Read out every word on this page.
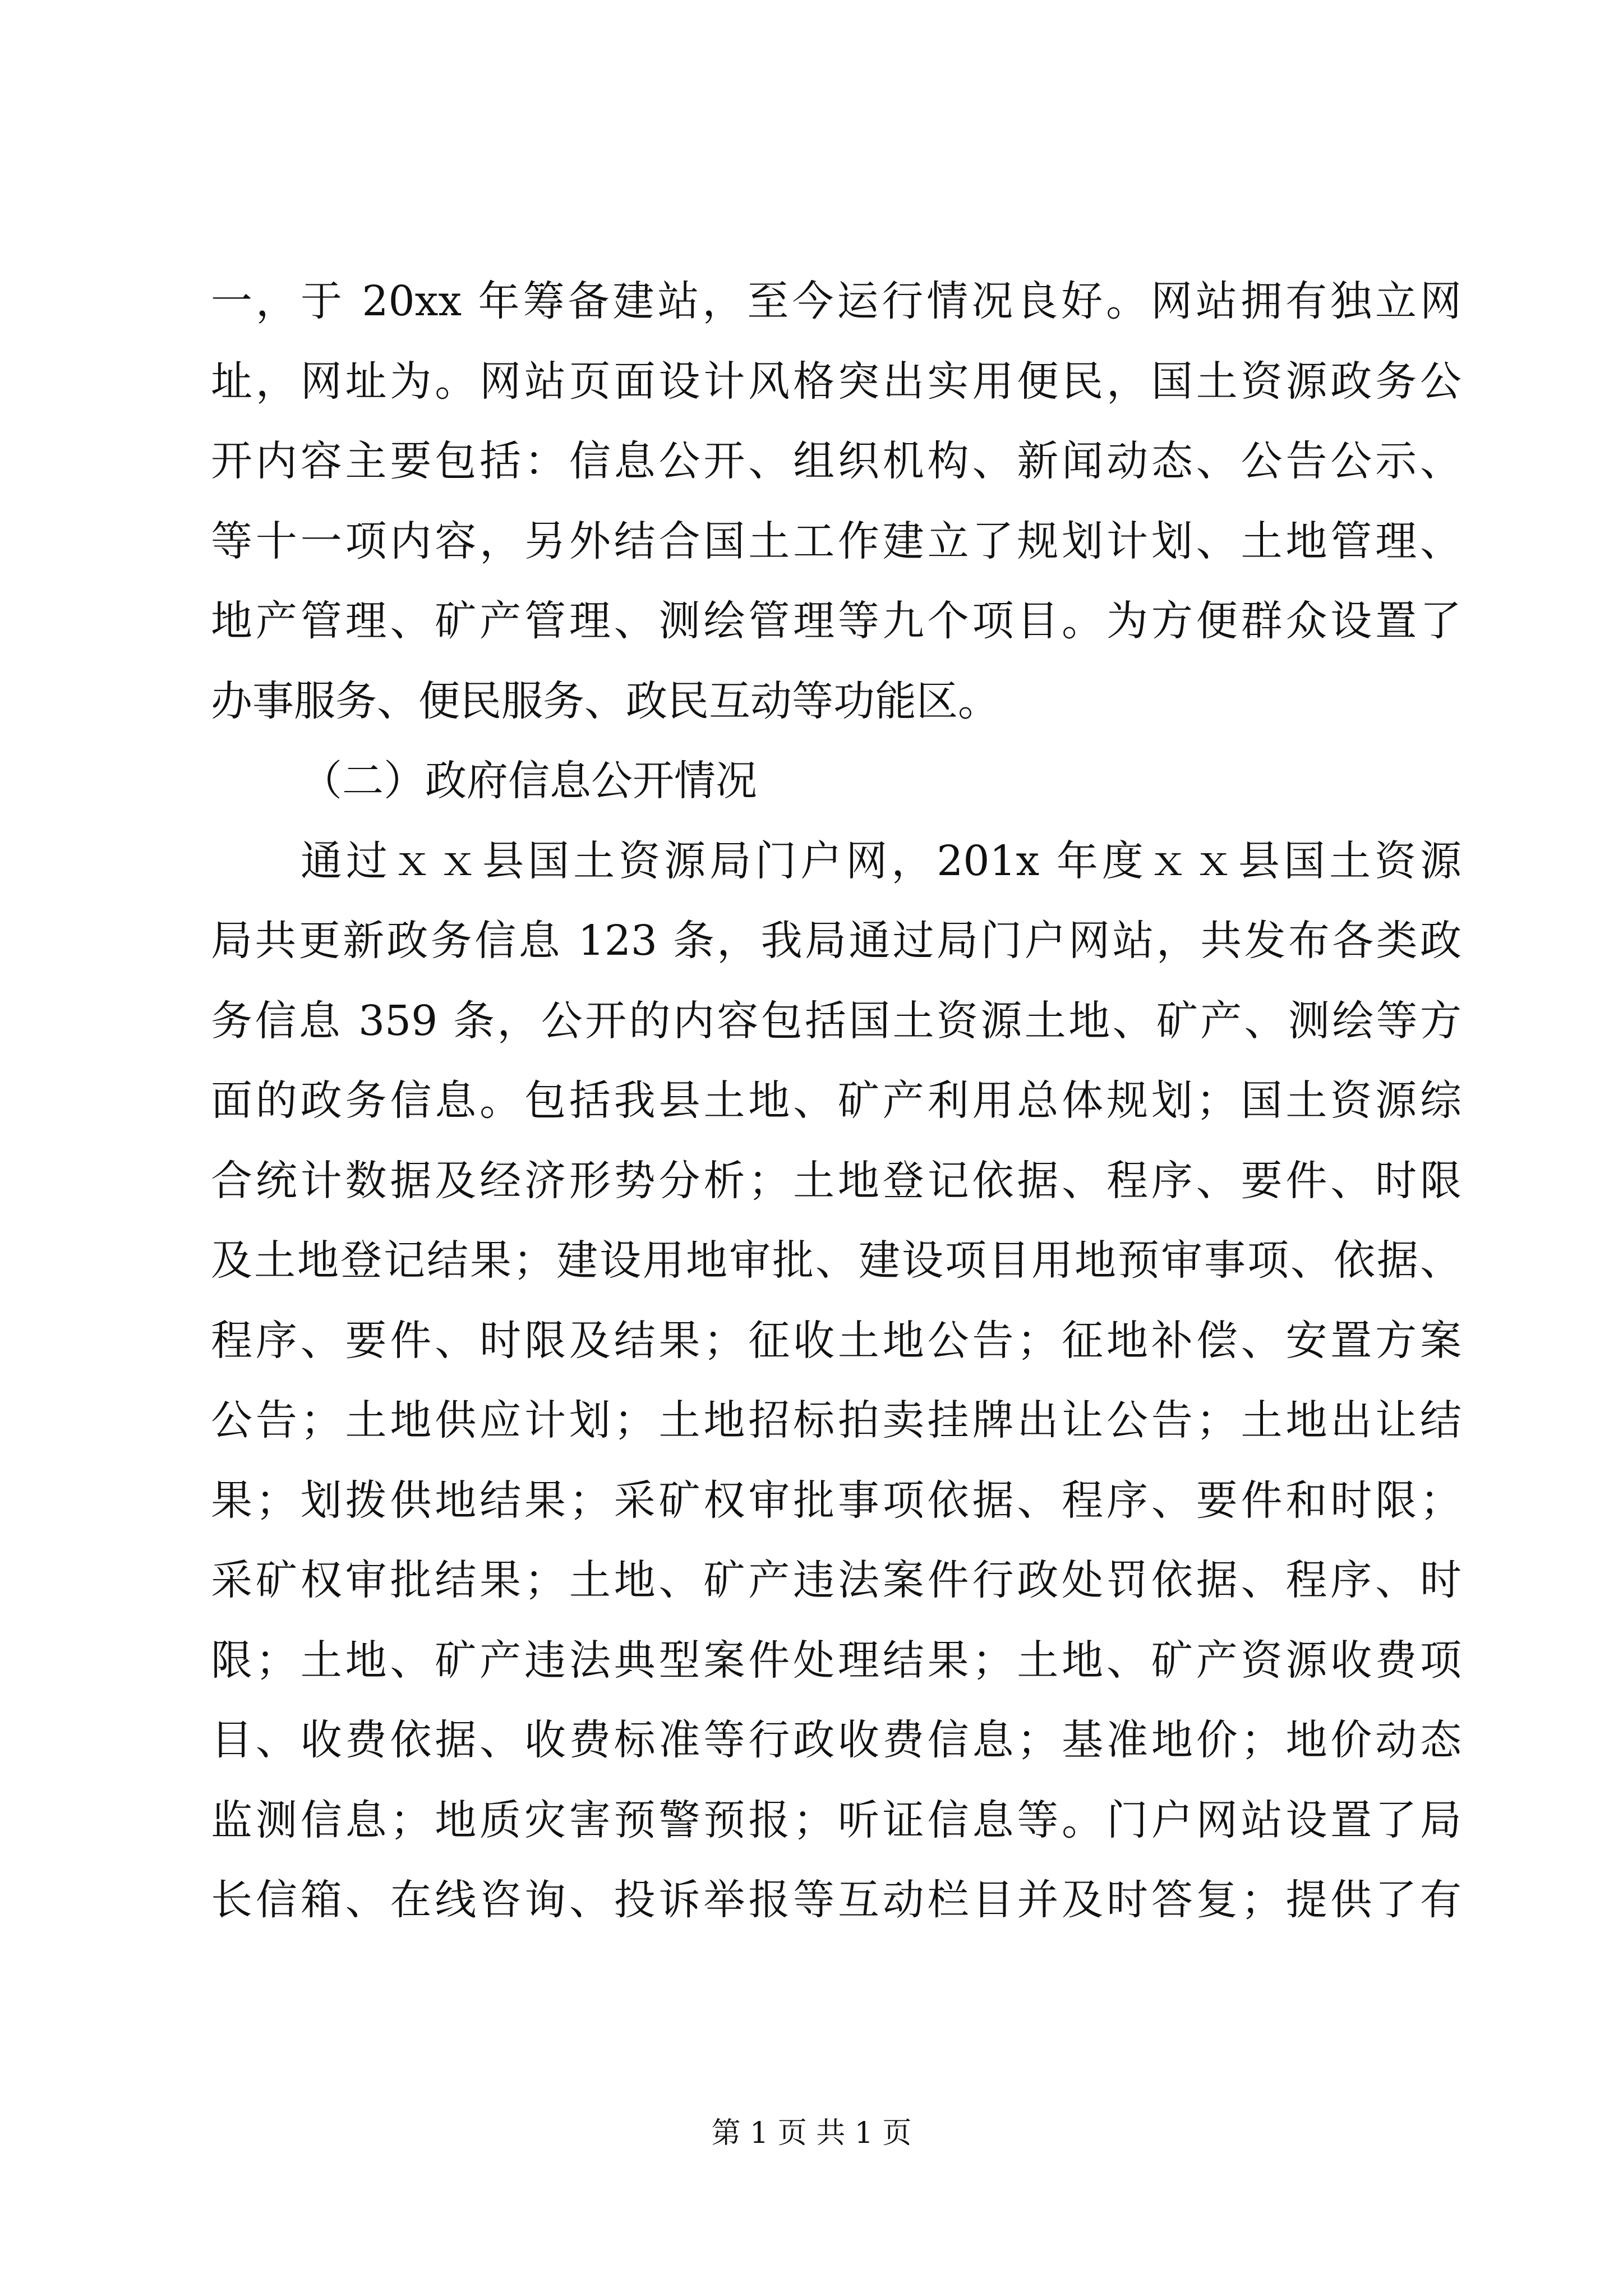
一，于 20xx 年筹备建站，至今运行情况良好。网站拥有独立网
址，网址为。网站页面设计风格突出实用便民，国土资源政务公
开内容主要包括：信息公开、组织机构、新闻动态、公告公示、
等十一项内容，另外结合国土工作建立了规划计划、土地管理、
地产管理、矿产管理、测绘管理等九个项目。为方便群众设置了
办事服务、便民服务、政民互动等功能区。
（二）政府信息公开情况
通过ｘｘ县国土资源局门户网，201x 年度ｘｘ县国土资源
局共更新政务信息 123 条，我局通过局门户网站，共发布各类政
务信息 359 条，公开的内容包括国土资源土地、矿产、测绘等方
面的政务信息。包括我县土地、矿产利用总体规划；国土资源综
合统计数据及经济形势分析；土地登记依据、程序、要件、时限
及土地登记结果；建设用地审批、建设项目用地预审事项、依据、
程序、要件、时限及结果；征收土地公告；征地补偿、安置方案
公告；土地供应计划；土地招标拍卖挂牌出让公告；土地出让结
果；划拨供地结果；采矿权审批事项依据、程序、要件和时限；
采矿权审批结果；土地、矿产违法案件行政处罚依据、程序、时
限；土地、矿产违法典型案件处理结果；土地、矿产资源收费项
目、收费依据、收费标准等行政收费信息；基准地价；地价动态
监测信息；地质灾害预警预报；听证信息等。门户网站设置了局
长信箱、在线咨询、投诉举报等互动栏目并及时答复；提供了有
第 1 页 共 1 页
